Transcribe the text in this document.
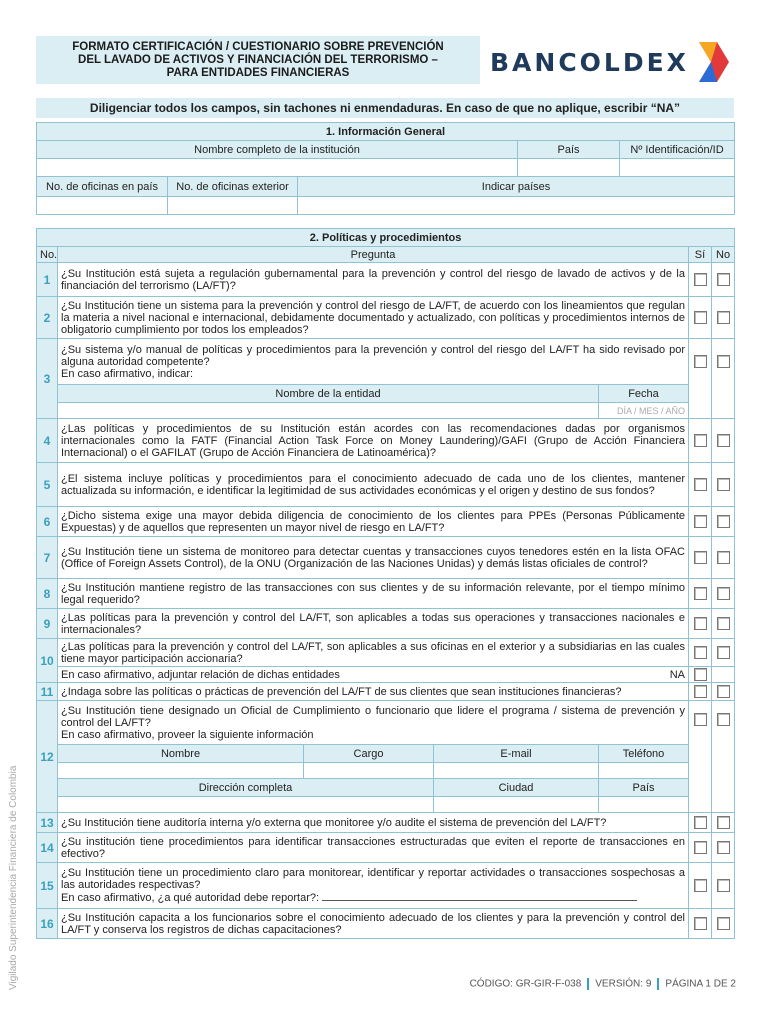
FORMATO CERTIFICACIÓN / CUESTIONARIO SOBRE PREVENCIÓN
DEL LAVADO DE ACTIVOS Y FINANCIACIÓN DEL TERRORISMO –
PARA ENTIDADES FINANCIERAS	BANCOLDEX
Diligenciar todos los campos, sin tachones ni enmendaduras. En caso de que no aplique, escribir “NA”
1. Información General				
Nombre completo de la institución			País	Nº Identificación/ID

No. de oficinas en país	No. de oficinas exterior	Indicar países		

2. Políticas y procedimientos						
No.	Pregunta				Sí	No
1	¿Su Institución está sujeta a regulación gubernamental para la prevención y control del riesgo de lavado de activos y de la financiación del terrorismo (LA/FT)?					
2	¿Su Institución tiene un sistema para la prevención y control del riesgo de LA/FT, de acuerdo con los lineamientos que regulan la materia a nivel nacional e internacional, debidamente documentado y actualizado, con políticas y procedimientos internos de obligatorio cumplimiento por todos los empleados?					
3	¿Su sistema y/o manual de políticas y procedimientos para la prevención y control del riesgo del LA/FT ha sido revisado por alguna autoridad competente?
En caso afirmativo, indicar:					

	Nombre de la entidad			Fecha		
				DÍA / MES / AÑO		
4	¿Las políticas y procedimientos de su Institución están acordes con las recomendaciones dadas por organismos internacionales como la FATF (Financial Action Task Force on Money Laundering)/GAFI (Grupo de Acción Financiera Internacional) o el GAFILAT (Grupo de Acción Financiera de Latinoamérica)?					
5	¿El sistema incluye políticas y procedimientos para el conocimiento adecuado de cada uno de los clientes, mantener actualizada su información, e identificar la legitimidad de sus actividades económicas y el origen y destino de sus fondos?					
6	¿Dicho sistema exige una mayor debida diligencia de conocimiento de los clientes para PPEs (Personas Públicamente Expuestas) y de aquellos que representen un mayor nivel de riesgo en LA/FT?					
7	¿Su Institución tiene un sistema de monitoreo para detectar cuentas y transacciones cuyos tenedores estén en la lista OFAC (Office of Foreign Assets Control), de la ONU (Organización de las Naciones Unidas) y demás listas oficiales de control?					
8	¿Su Institución mantiene registro de las transacciones con sus clientes y de su información relevante, por el tiempo mínimo legal requerido?					
9	¿Las políticas para la prevención y control del LA/FT, son aplicables a todas sus operaciones y transacciones nacionales e internacionales?					
10	¿Las políticas para la prevención y control del LA/FT, son aplicables a sus oficinas en el exterior y a subsidiarias en las cuales tiene mayor participación accionaria?					
	En caso afirmativo, adjuntar relación de dichas entidades NA					

11	¿Indaga sobre las políticas o prácticas de prevención del LA/FT de sus clientes que sean instituciones financieras?					
12	¿Su Institución tiene designado un Oficial de Cumplimiento o funcionario que lidere el programa / sistema de prevención y control del LA/FT?
En caso afirmativo, proveer la siguiente información					

	Nombre	Cargo	E-mail	Teléfono		

	Dirección completa		Ciudad	País		

13	¿Su Institución tiene auditoría interna y/o externa que monitoree y/o audite el sistema de prevención del LA/FT?					
14	¿Su institución tiene procedimientos para identificar transacciones estructuradas que eviten el reporte de transacciones en efectivo?					
15	¿Su Institución tiene un procedimiento claro para monitorear, identificar y reportar actividades o transacciones sospechosas a las autoridades respectivas?
En caso afirmativo, ¿a qué autoridad debe reportar?:					

16	¿Su Institución capacita a los funcionarios sobre el conocimiento adecuado de los clientes y para la prevención y control del LA/FT y conserva los registros de dichas capacitaciones?					
CÓDIGO: GR-GIR-F-038 VERSIÓN: 9 PÁGINA 1 DE 2
Vigilado Superintendencia Financiera de Colombia
